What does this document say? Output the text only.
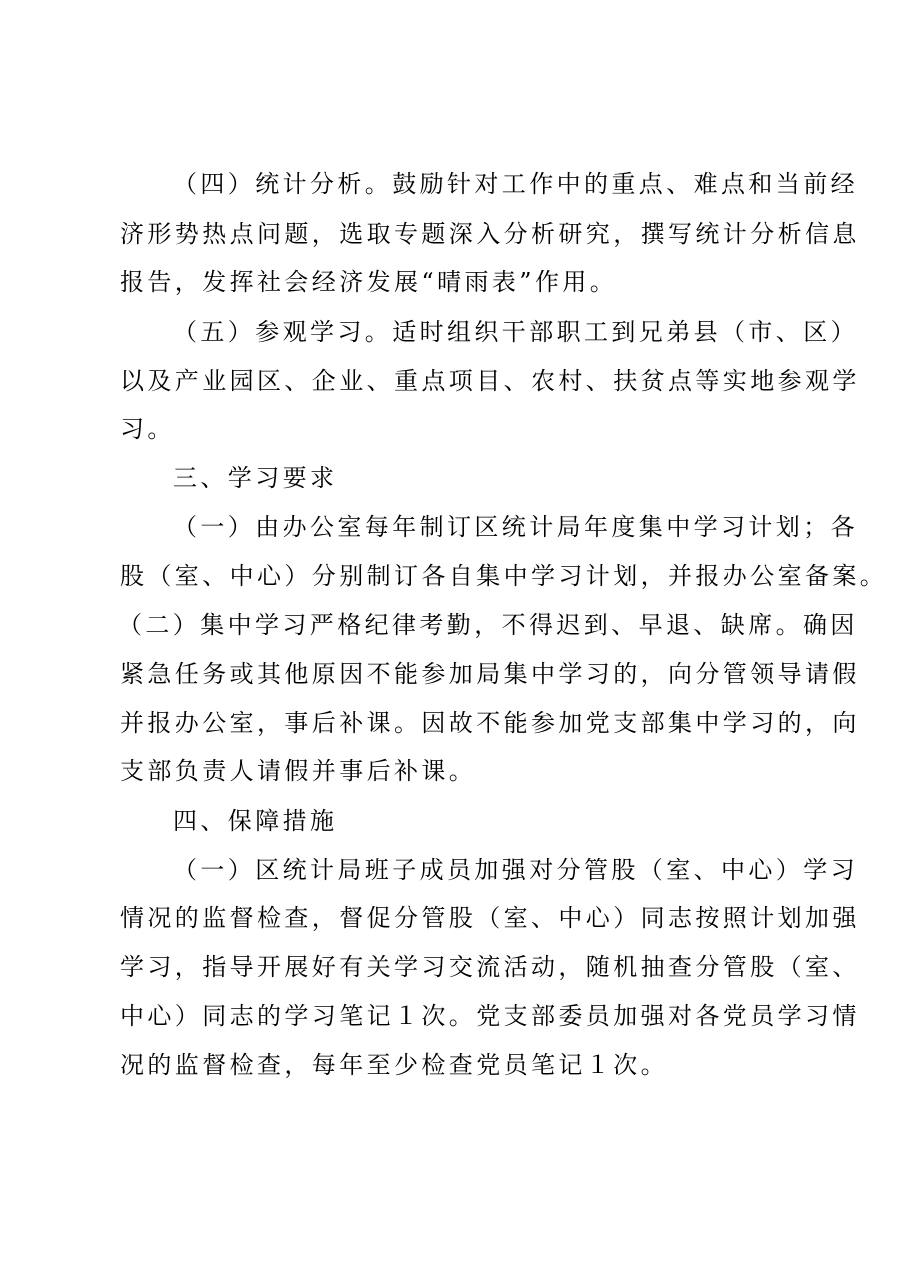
（四）统计分析。鼓励针对工作中的重点、难点和当前经
济形势热点问题，选取专题深入分析研究，撰写统计分析信息
报告，发挥社会经济发展“晴雨表”作用。
（五）参观学习。适时组织干部职工到兄弟县（市、区）
以及产业园区、企业、重点项目、农村、扶贫点等实地参观学
习。
三、学习要求
（一）由办公室每年制订区统计局年度集中学习计划；各
股（室、中心）分别制订各自集中学习计划，并报办公室备案。
（二）集中学习严格纪律考勤，不得迟到、早退、缺席。确因
紧急任务或其他原因不能参加局集中学习的，向分管领导请假
并报办公室，事后补课。因故不能参加党支部集中学习的，向
支部负责人请假并事后补课。
四、保障措施
（一）区统计局班子成员加强对分管股（室、中心）学习
情况的监督检查，督促分管股（室、中心）同志按照计划加强
学习，指导开展好有关学习交流活动，随机抽查分管股（室、
中心）同志的学习笔记１次。党支部委员加强对各党员学习情
况的监督检查，每年至少检查党员笔记１次。
